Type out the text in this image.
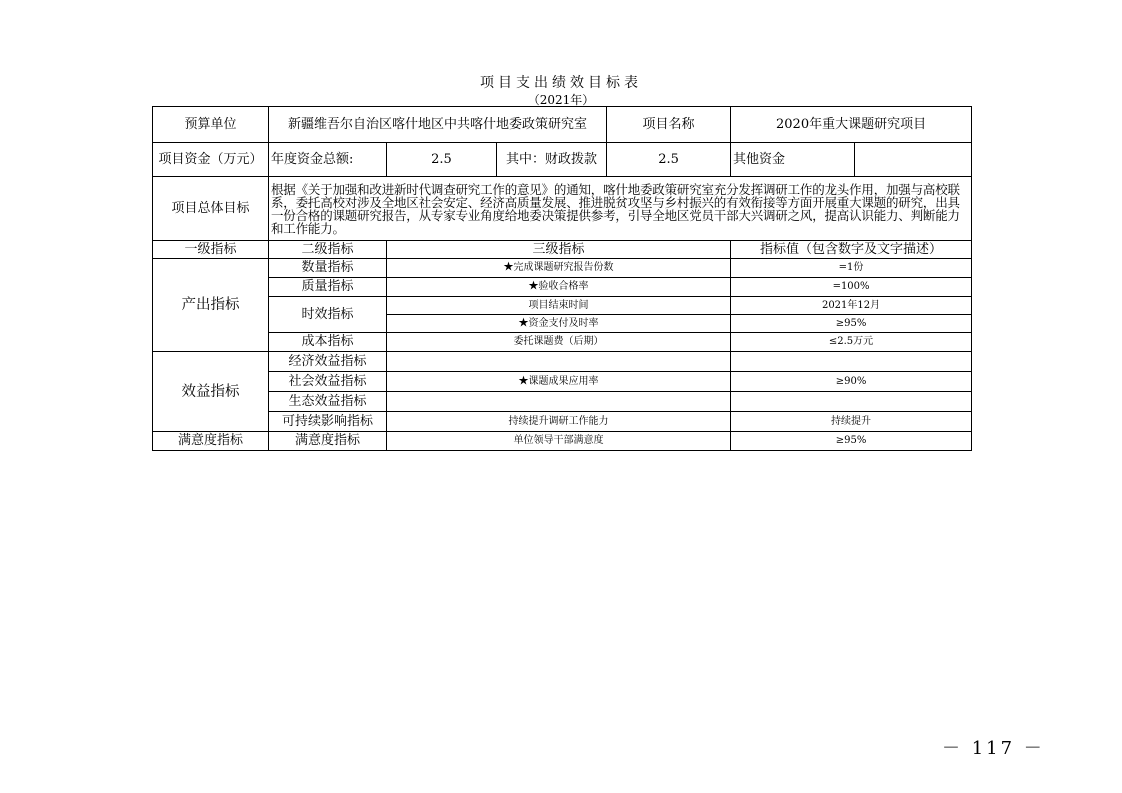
项目支出绩效目标表
（2021年）
预算单位	新疆维吾尔自治区喀什地区中共喀什地委政策研究室			项目名称	2020年重大课题研究项目	
项目资金（万元）	年度资金总额:	2.5	其中：财政拨款	2.5	其他资金	
项目总体目标	根据《关于加强和改进新时代调查研究工作的意见》的通知，喀什地委政策研究室充分发挥调研工作的龙头作用，加强与高校联系，委托高校对涉及全地区社会安定、经济高质量发展、推进脱贫攻坚与乡村振兴的有效衔接等方面开展重大课题的研究，出具一份合格的课题研究报告，从专家专业角度给地委决策提供参考，引导全地区党员干部大兴调研之风，提高认识能力、判断能力和工作能力。					
一级指标	二级指标	三级指标			指标值（包含数字及文字描述）	
产出指标	数量指标	★完成课题研究报告份数			=1份	
	质量指标	★验收合格率			=100%	
	时效指标	项目结束时间			2021年12月	
		★资金支付及时率			≥95%	
	成本指标	委托课题费（后期）			≤2.5万元	
效益指标	经济效益指标					
	社会效益指标	★课题成果应用率			≥90%	
	生态效益指标					
	可持续影响指标	持续提升调研工作能力			持续提升	
满意度指标	满意度指标	单位领导干部满意度			≥95%	
－ 117 －
